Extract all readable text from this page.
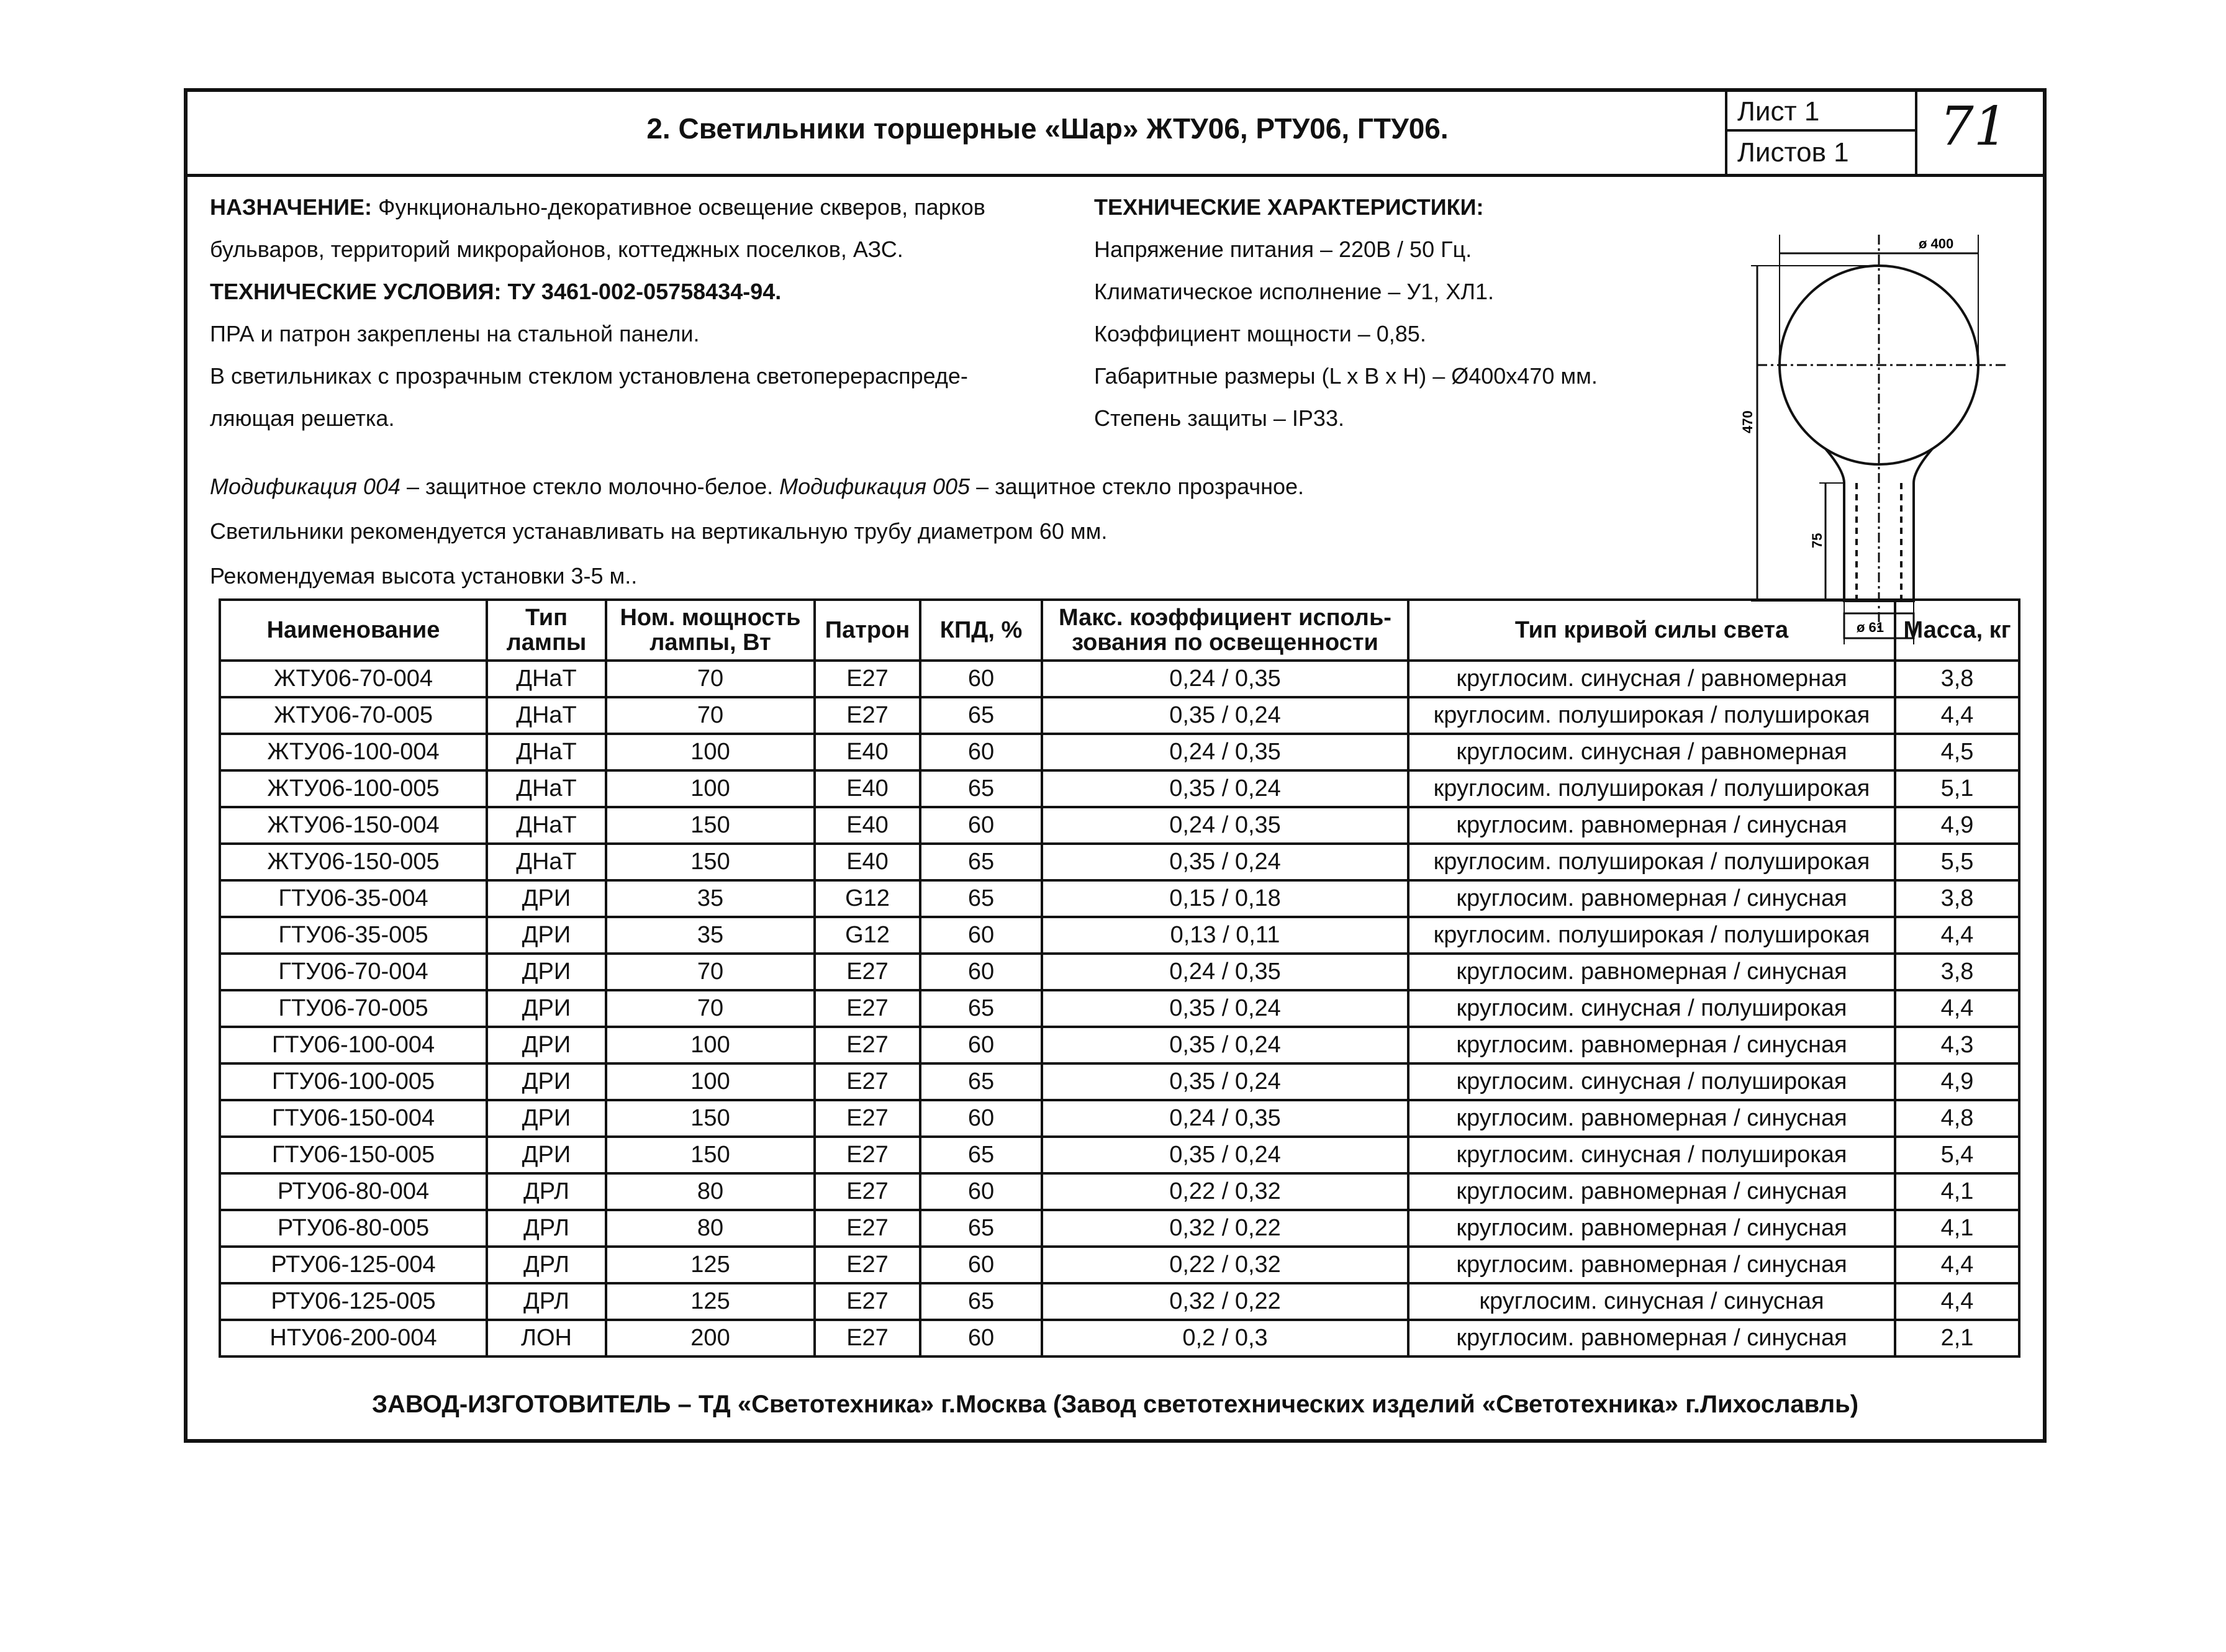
2. Светильники торшерные «Шар» ЖТУ06, РТУ06, ГТУ06.
Лист 1
Листов 1	71
НАЗНАЧЕНИЕ: Функционально-декоративное освещение скверов, парков
бульваров, территорий микрорайонов, коттеджных поселков, АЗС.
ТЕХНИЧЕСКИЕ УСЛОВИЯ: ТУ 3461-002-05758434-94.
ПРА и патрон закреплены на стальной панели.
В светильниках с прозрачным стеклом установлена светоперераспреде-
ляющая решетка.
ТЕХНИЧЕСКИЕ ХАРАКТЕРИСТИКИ:
Напряжение питания – 220В / 50 Гц.
Климатическое исполнение – У1, ХЛ1.
Коэффициент мощности – 0,85.
Габаритные размеры (L х В х Н) – Ø400х470 мм.
Степень защиты – IP33.
Модификация 004 – защитное стекло молочно-белое. Модификация 005 – защитное стекло прозрачное.
Светильники рекомендуется устанавливать на вертикальную трубу диаметром 60 мм.
Рекомендуемая высота установки 3-5 м..
ø 400
470
75
ø 61
Наименование	Тип лампы	Ном. мощность лампы, Вт	Патрон	КПД, %	Макс. коэффициент исполь-зования по освещенности	Тип кривой силы света	Масса, кг
ЖТУ06-70-004	ДНаТ	70	Е27	60	0,24 / 0,35	круглосим. синусная / равномерная	3,8
ЖТУ06-70-005	ДНаТ	70	Е27	65	0,35 / 0,24	круглосим. полуширокая / полуширокая	4,4
ЖТУ06-100-004	ДНаТ	100	Е40	60	0,24 / 0,35	круглосим. синусная / равномерная	4,5
ЖТУ06-100-005	ДНаТ	100	Е40	65	0,35 / 0,24	круглосим. полуширокая / полуширокая	5,1
ЖТУ06-150-004	ДНаТ	150	Е40	60	0,24 / 0,35	круглосим. равномерная / синусная	4,9
ЖТУ06-150-005	ДНаТ	150	Е40	65	0,35 / 0,24	круглосим. полуширокая / полуширокая	5,5
ГТУ06-35-004	ДРИ	35	G12	65	0,15 / 0,18	круглосим. равномерная / синусная	3,8
ГТУ06-35-005	ДРИ	35	G12	60	0,13 / 0,11	круглосим. полуширокая / полуширокая	4,4
ГТУ06-70-004	ДРИ	70	Е27	60	0,24 / 0,35	круглосим. равномерная / синусная	3,8
ГТУ06-70-005	ДРИ	70	Е27	65	0,35 / 0,24	круглосим. синусная / полуширокая	4,4
ГТУ06-100-004	ДРИ	100	Е27	60	0,35 / 0,24	круглосим. равномерная / синусная	4,3
ГТУ06-100-005	ДРИ	100	Е27	65	0,35 / 0,24	круглосим. синусная / полуширокая	4,9
ГТУ06-150-004	ДРИ	150	Е27	60	0,24 / 0,35	круглосим. равномерная / синусная	4,8
ГТУ06-150-005	ДРИ	150	Е27	65	0,35 / 0,24	круглосим. синусная / полуширокая	5,4
РТУ06-80-004	ДРЛ	80	Е27	60	0,22 / 0,32	круглосим. равномерная / синусная	4,1
РТУ06-80-005	ДРЛ	80	Е27	65	0,32 / 0,22	круглосим. равномерная / синусная	4,1
РТУ06-125-004	ДРЛ	125	Е27	60	0,22 / 0,32	круглосим. равномерная / синусная	4,4
РТУ06-125-005	ДРЛ	125	Е27	65	0,32 / 0,22	круглосим. синусная / синусная	4,4
НТУ06-200-004	ЛОН	200	Е27	60	0,2 / 0,3	круглосим. равномерная / синусная	2,1
ЗАВОД-ИЗГОТОВИТЕЛЬ – ТД «Светотехника» г.Москва (Завод светотехнических изделий «Светотехника» г.Лихославль)
